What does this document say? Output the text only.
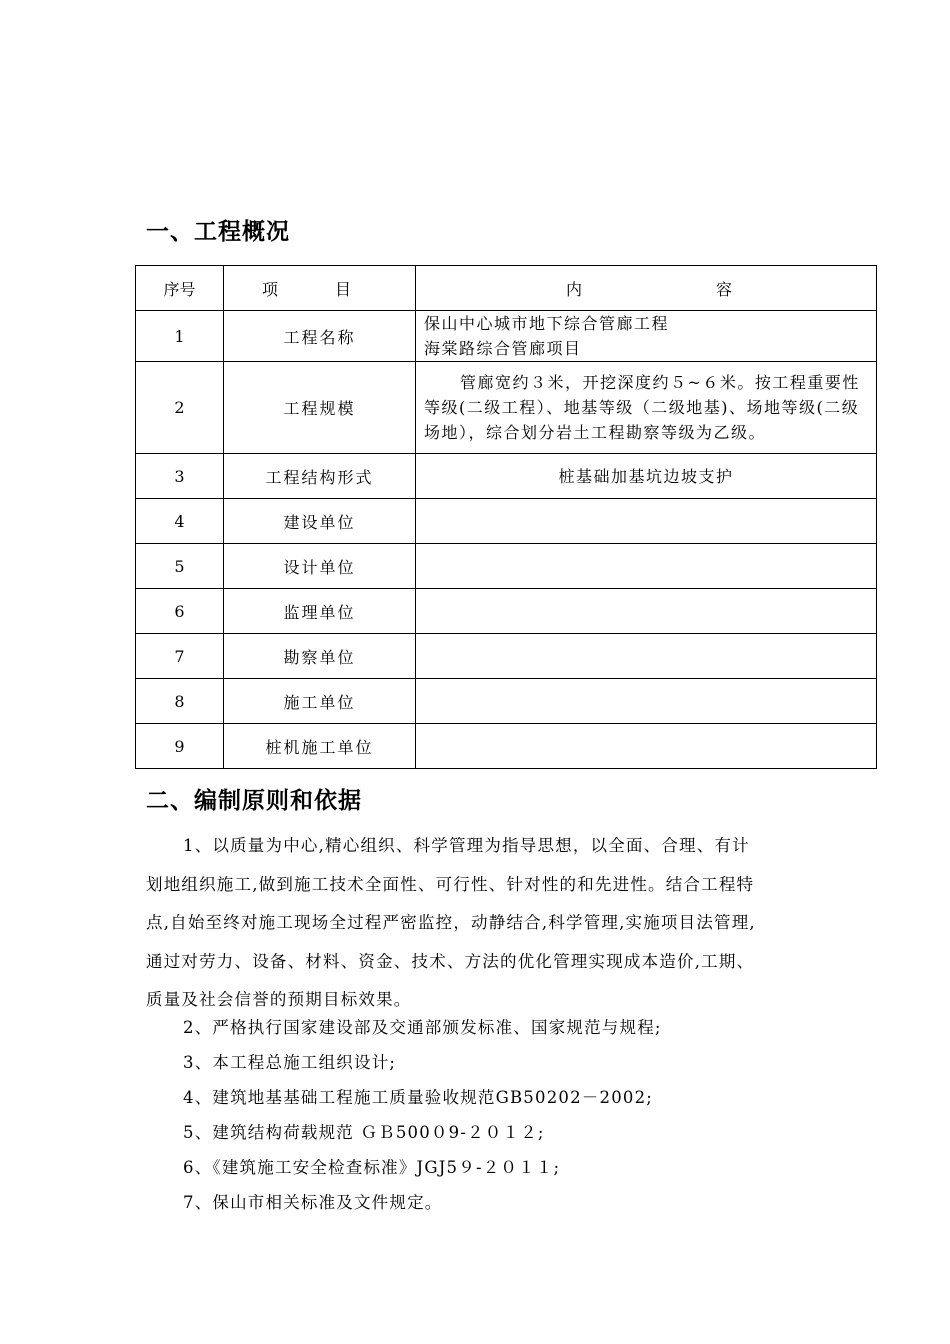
一、工程概况
序号	项 目	内 容

1	工程名称	保山中心城市地下综合管廊工程
海棠路综合管廊项目

2	工程规模	管廊宽约３米，开挖深度约５~６米。按工程重要性等级(二级工程）、地基等级（二级地基)、场地等级(二级场地），综合划分岩土工程勘察等级为乙级。

3	工程结构形式	桩基础加基坑边坡支护
4	建设单位	
5	设计单位	
6	监理单位	
7	勘察单位	
8	施工单位	
9	桩机施工单位	
二、编制原则和依据

1、以质量为中心,精心组织、科学管理为指导思想，以全面、合理、有计

划地组织施工,做到施工技术全面性、可行性、针对性的和先进性。结合工程特

点,自始至终对施工现场全过程严密监控，动静结合,科学管理,实施项目法管理,

通过对劳力、设备、材料、资金、技术、方法的优化管理实现成本造价,工期、

质量及社会信誉的预期目标效果。

2、严格执行国家建设部及交通部颁发标准、国家规范与规程;

3、本工程总施工组织设计;

4、建筑地基基础工程施工质量验收规范GB50202－2002;

5、建筑结构荷载规范 ＧＢ500０9-２０１２;

6、《建筑施工安全检查标准》JGJ5９-２０１１;

7、保山市相关标准及文件规定。
